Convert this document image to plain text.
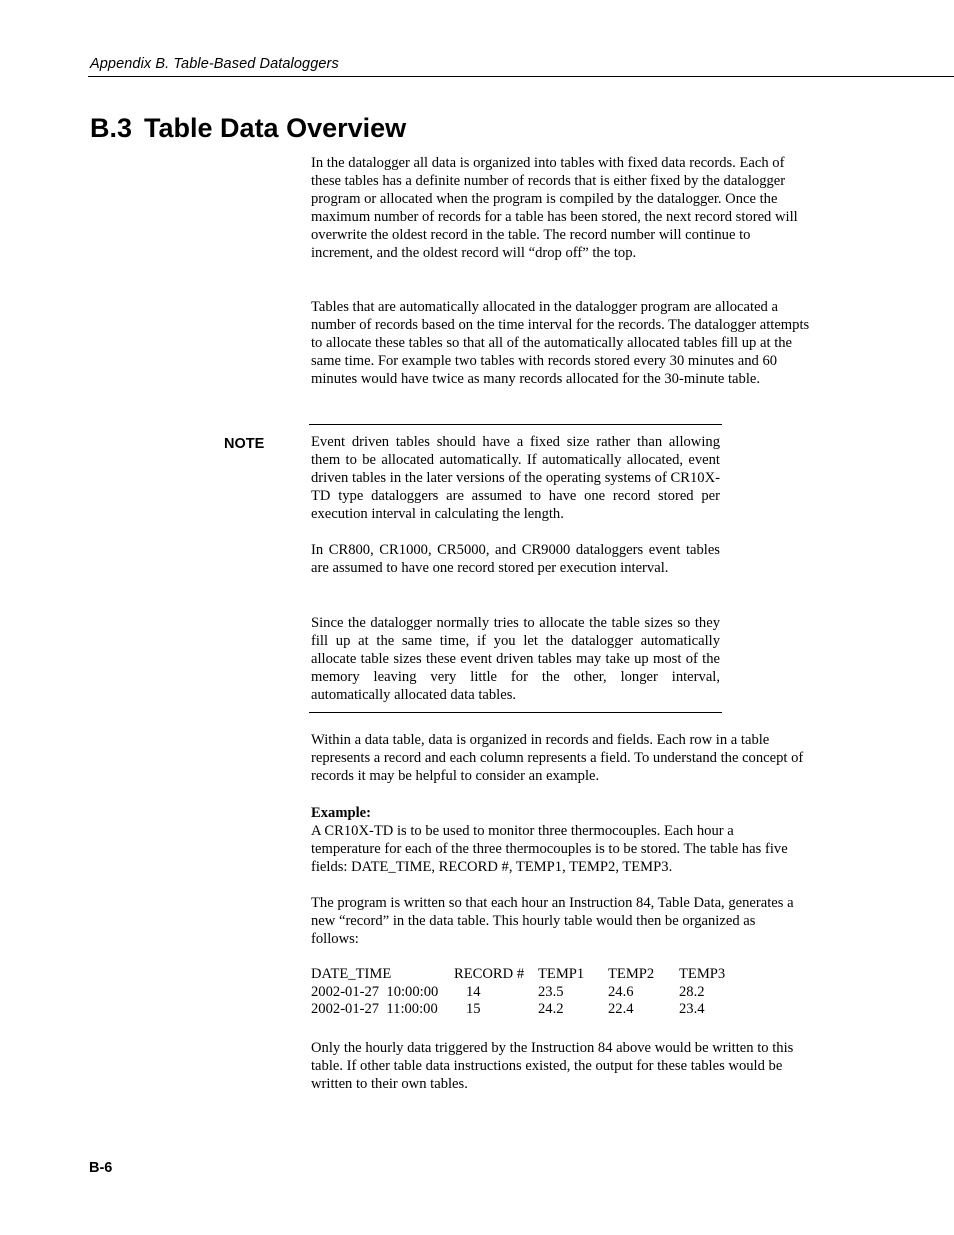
Appendix B. Table-Based Dataloggers
B.3 Table Data Overview

In the datalogger all data is organized into tables with fixed data records. Each of these tables has a definite number of records that is either fixed by the datalogger program or allocated when the program is compiled by the datalogger. Once the maximum number of records for a table has been stored, the next record stored will overwrite the oldest record in the table. The record number will continue to increment, and the oldest record will “drop off” the top.

Tables that are automatically allocated in the datalogger program are allocated a number of records based on the time interval for the records. The datalogger attempts to allocate these tables so that all of the automatically allocated tables fill up at the same time. For example two tables with records stored every 30 minutes and 60 minutes would have twice as many records allocated for the 30-minute table.

NOTE	Event driven tables should have a fixed size rather than allowing them to be allocated automatically. If automatically allocated, event driven tables in the later versions of the operating systems of CR10X-TD type dataloggers are assumed to have one record stored per execution interval in calculating the length.

In CR800, CR1000, CR5000, and CR9000 dataloggers event tables are assumed to have one record stored per execution interval.

Since the datalogger normally tries to allocate the table sizes so they fill up at the same time, if you let the datalogger automatically allocate table sizes these event driven tables may take up most of the memory leaving very little for the other, longer interval, automatically allocated data tables.

Within a data table, data is organized in records and fields. Each row in a table represents a record and each column represents a field. To understand the concept of records it may be helpful to consider an example.

Example:

A CR10X-TD is to be used to monitor three thermocouples. Each hour a temperature for each of the three thermocouples is to be stored. The table has five fields: DATE_TIME, RECORD #, TEMP1, TEMP2, TEMP3.

The program is written so that each hour an Instruction 84, Table Data, generates a new “record” in the data table. This hourly table would then be organized as follows:

DATE_TIME	RECORD # TEMP1 TEMP2 TEMP3
2002-01-27  10:00:00 14	23.5	24.6	28.2
2002-01-27  11:00:00 15	24.2	22.4	23.4

Only the hourly data triggered by the Instruction 84 above would be written to this table. If other table data instructions existed, the output for these tables would be written to their own tables.

B-6
